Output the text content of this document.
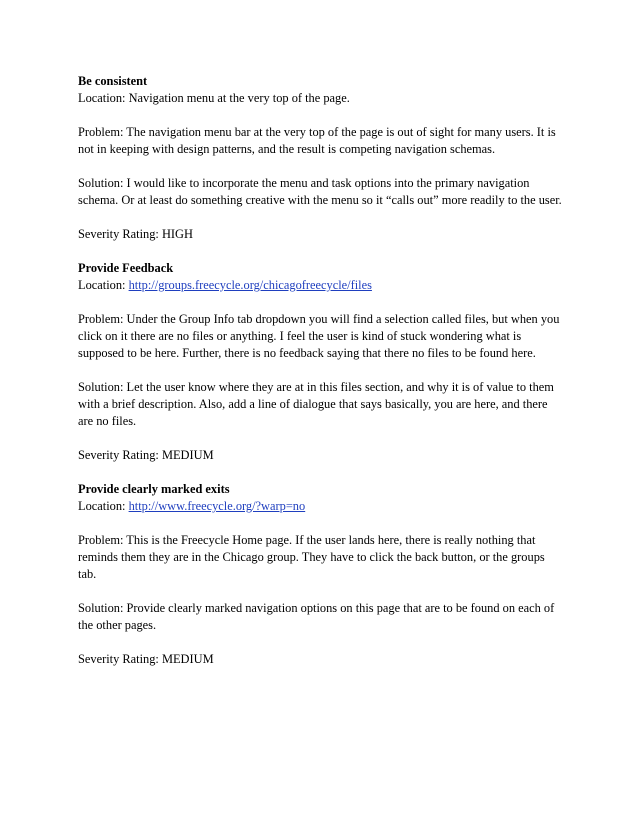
Be consistent
Location: Navigation menu at the very top of the page.
Problem: The navigation menu bar at the very top of the page is out of sight for many users. It is
not in keeping with design patterns, and the result is competing navigation schemas.
Solution: I would like to incorporate the menu and task options into the primary navigation
schema. Or at least do something creative with the menu so it “calls out” more readily to the user.
Severity Rating: HIGH
Provide Feedback
Location: http://groups.freecycle.org/chicagofreecycle/files
Problem: Under the Group Info tab dropdown you will find a selection called files, but when you
click on it there are no files or anything. I feel the user is kind of stuck wondering what is
supposed to be here. Further, there is no feedback saying that there no files to be found here.
Solution: Let the user know where they are at in this files section, and why it is of value to them
with a brief description. Also, add a line of dialogue that says basically, you are here, and there
are no files.
Severity Rating: MEDIUM
Provide clearly marked exits
Location: http://www.freecycle.org/?warp=no
Problem: This is the Freecycle Home page. If the user lands here, there is really nothing that
reminds them they are in the Chicago group. They have to click the back button, or the groups
tab.
Solution: Provide clearly marked navigation options on this page that are to be found on each of
the other pages.
Severity Rating: MEDIUM
